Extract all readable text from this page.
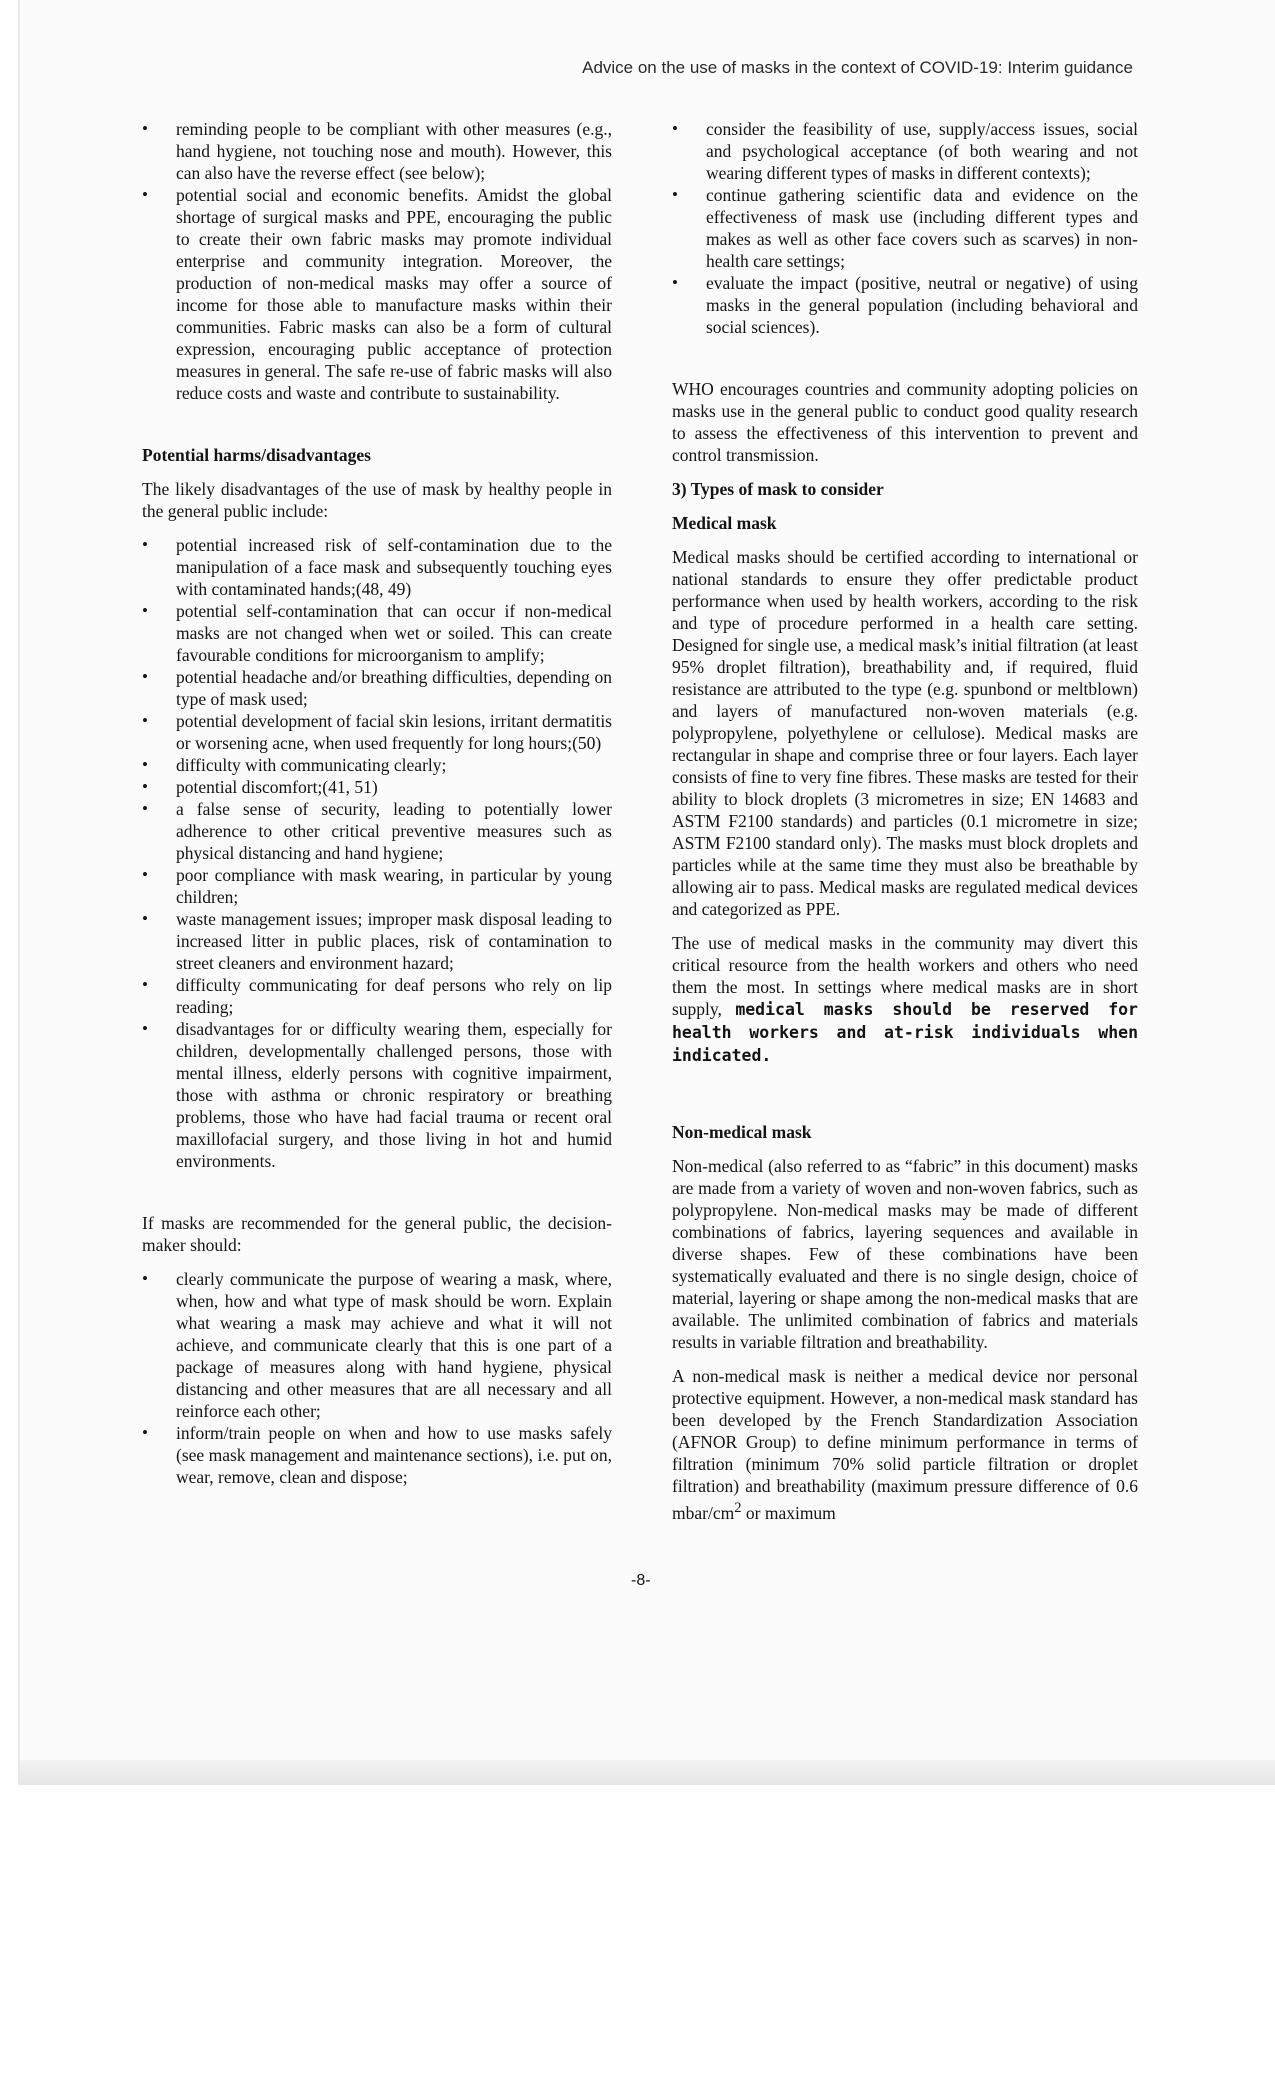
Advice on the use of masks in the context of COVID-19: Interim guidance
• reminding people to be compliant with other measures (e.g., hand hygiene, not touching nose and mouth). However, this can also have the reverse effect (see below);
• potential social and economic benefits. Amidst the global shortage of surgical masks and PPE, encouraging the public to create their own fabric masks may promote individual enterprise and community integration. Moreover, the production of non-medical masks may offer a source of income for those able to manufacture masks within their communities. Fabric masks can also be a form of cultural expression, encouraging public acceptance of protection measures in general. The safe re-use of fabric masks will also reduce costs and waste and contribute to sustainability.
Potential harms/disadvantages

The likely disadvantages of the use of mask by healthy people in the general public include:

• potential increased risk of self-contamination due to the manipulation of a face mask and subsequently touching eyes with contaminated hands;(48, 49)
• potential self-contamination that can occur if non-medical masks are not changed when wet or soiled. This can create favourable conditions for microorganism to amplify;
• potential headache and/or breathing difficulties, depending on type of mask used;
• potential development of facial skin lesions, irritant dermatitis or worsening acne, when used frequently for long hours;(50)
• difficulty with communicating clearly;
• potential discomfort;(41, 51)
• a false sense of security, leading to potentially lower adherence to other critical preventive measures such as physical distancing and hand hygiene;
• poor compliance with mask wearing, in particular by young children;
• waste management issues; improper mask disposal leading to increased litter in public places, risk of contamination to street cleaners and environment hazard;
• difficulty communicating for deaf persons who rely on lip reading;
• disadvantages for or difficulty wearing them, especially for children, developmentally challenged persons, those with mental illness, elderly persons with cognitive impairment, those with asthma or chronic respiratory or breathing problems, those who have had facial trauma or recent oral maxillofacial surgery, and those living in hot and humid environments.

If masks are recommended for the general public, the decision-maker should:

• clearly communicate the purpose of wearing a mask, where, when, how and what type of mask should be worn. Explain what wearing a mask may achieve and what it will not achieve, and communicate clearly that this is one part of a package of measures along with hand hygiene, physical distancing and other measures that are all necessary and all reinforce each other;
• inform/train people on when and how to use masks safely (see mask management and maintenance sections), i.e. put on, wear, remove, clean and dispose;
• consider the feasibility of use, supply/access issues, social and psychological acceptance (of both wearing and not wearing different types of masks in different contexts);
• continue gathering scientific data and evidence on the effectiveness of mask use (including different types and makes as well as other face covers such as scarves) in non-health care settings;
• evaluate the impact (positive, neutral or negative) of using masks in the general population (including behavioral and social sciences).

WHO encourages countries and community adopting policies on masks use in the general public to conduct good quality research to assess the effectiveness of this intervention to prevent and control transmission.

3) Types of mask to consider
Medical mask

Medical masks should be certified according to international or national standards to ensure they offer predictable product performance when used by health workers, according to the risk and type of procedure performed in a health care setting. Designed for single use, a medical mask’s initial filtration (at least 95% droplet filtration), breathability and, if required, fluid resistance are attributed to the type (e.g. spunbond or meltblown) and layers of manufactured non-woven materials (e.g. polypropylene, polyethylene or cellulose). Medical masks are rectangular in shape and comprise three or four layers. Each layer consists of fine to very fine fibres. These masks are tested for their ability to block droplets (3 micrometres in size; EN 14683 and ASTM F2100 standards) and particles (0.1 micrometre in size; ASTM F2100 standard only). The masks must block droplets and particles while at the same time they must also be breathable by allowing air to pass. Medical masks are regulated medical devices and categorized as PPE.

The use of medical masks in the community may divert this critical resource from the health workers and others who need them the most. In settings where medical masks are in short supply, medical masks should be reserved for health workers and at-risk individuals when indicated.

Non-medical mask

Non-medical (also referred to as “fabric” in this document) masks are made from a variety of woven and non-woven fabrics, such as polypropylene. Non-medical masks may be made of different combinations of fabrics, layering sequences and available in diverse shapes. Few of these combinations have been systematically evaluated and there is no single design, choice of material, layering or shape among the non-medical masks that are available. The unlimited combination of fabrics and materials results in variable filtration and breathability.

A non-medical mask is neither a medical device nor personal protective equipment. However, a non-medical mask standard has been developed by the French Standardization Association (AFNOR Group) to define minimum performance in terms of filtration (minimum 70% solid particle filtration or droplet filtration) and breathability (maximum pressure difference of 0.6 mbar/$cm^2$ or maximum

-8-
